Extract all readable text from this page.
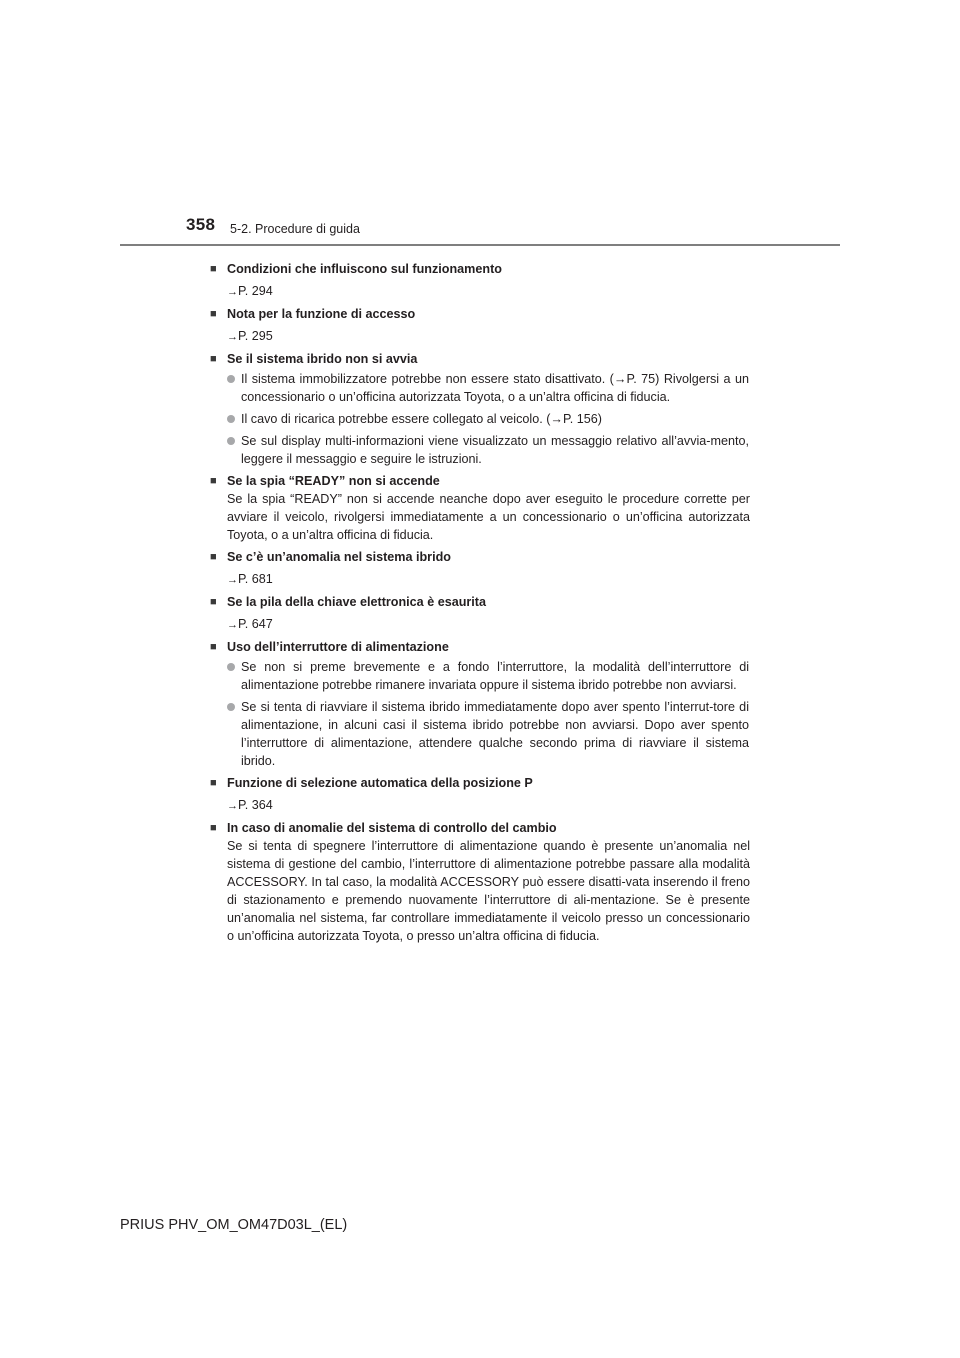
358 5-2. Procedure di guida
■ Condizioni che influiscono sul funzionamento
→P. 294
■ Nota per la funzione di accesso
→P. 295
■ Se il sistema ibrido non si avvia
Il sistema immobilizzatore potrebbe non essere stato disattivato. (→P. 75) Rivolgersi a un concessionario o un’officina autorizzata Toyota, o a un’altra officina di fiducia.
Il cavo di ricarica potrebbe essere collegato al veicolo. (→P. 156)
Se sul display multi-informazioni viene visualizzato un messaggio relativo all’avvia-mento, leggere il messaggio e seguire le istruzioni.
■ Se la spia “READY” non si accende
Se la spia “READY” non si accende neanche dopo aver eseguito le procedure corrette per avviare il veicolo, rivolgersi immediatamente a un concessionario o un’officina autorizzata Toyota, o a un’altra officina di fiducia.
■ Se c’è un’anomalia nel sistema ibrido
→P. 681
■ Se la pila della chiave elettronica è esaurita
→P. 647
■ Uso dell’interruttore di alimentazione
Se non si preme brevemente e a fondo l’interruttore, la modalità dell’interruttore di alimentazione potrebbe rimanere invariata oppure il sistema ibrido potrebbe non avviarsi.
Se si tenta di riavviare il sistema ibrido immediatamente dopo aver spento l’interrut-tore di alimentazione, in alcuni casi il sistema ibrido potrebbe non avviarsi. Dopo aver spento l’interruttore di alimentazione, attendere qualche secondo prima di riavviare il sistema ibrido.
■ Funzione di selezione automatica della posizione P
→P. 364
■ In caso di anomalie del sistema di controllo del cambio
Se si tenta di spegnere l’interruttore di alimentazione quando è presente un’anomalia nel sistema di gestione del cambio, l’interruttore di alimentazione potrebbe passare alla modalità ACCESSORY. In tal caso, la modalità ACCESSORY può essere disatti-vata inserendo il freno di stazionamento e premendo nuovamente l’interruttore di ali-mentazione. Se è presente un’anomalia nel sistema, far controllare immediatamente il veicolo presso un concessionario o un’officina autorizzata Toyota, o presso un’altra officina di fiducia.
PRIUS PHV_OM_OM47D03L_(EL)
